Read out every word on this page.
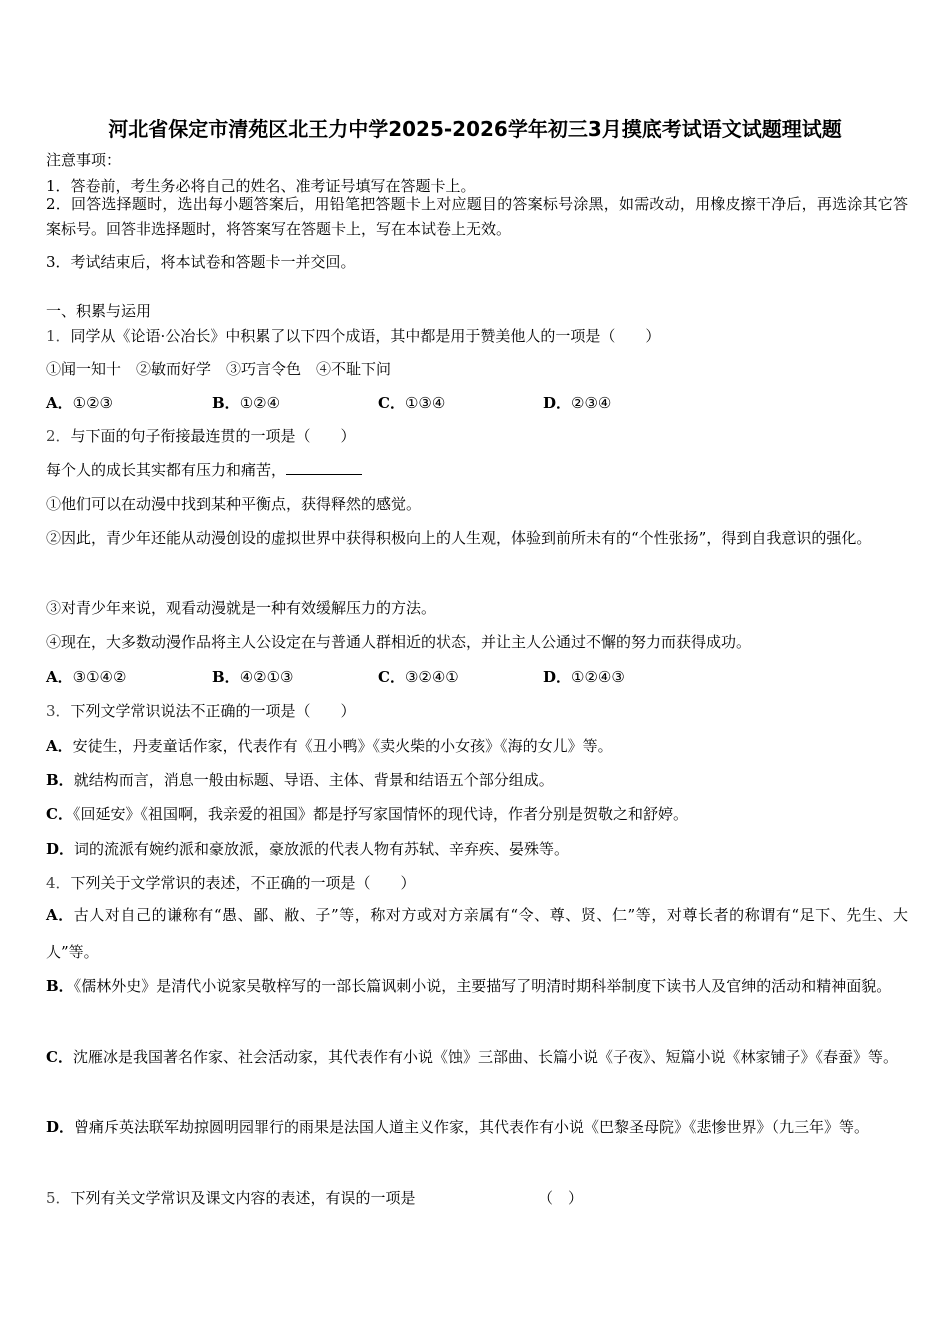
河北省保定市清苑区北王力中学2025-2026学年初三3月摸底考试语文试题理试题
注意事项：
1．答卷前，考生务必将自己的姓名、准考证号填写在答题卡上。
2．回答选择题时，选出每小题答案后，用铅笔把答题卡上对应题目的答案标号涂黑，如需改动，用橡皮擦干净后，再选涂其它答案标号。回答非选择题时，将答案写在答题卡上，写在本试卷上无效。
3．考试结束后，将本试卷和答题卡一并交回。
一、积累与运用
1．同学从《论语·公冶长》中积累了以下四个成语，其中都是用于赞美他人的一项是（　　）
①闻一知十　②敏而好学　③巧言令色　④不耻下问
A．①②③	B．①②④	C．①③④	D．②③④
2．与下面的句子衔接最连贯的一项是（　　）
每个人的成长其实都有压力和痛苦，
①他们可以在动漫中找到某种平衡点，获得释然的感觉。
②因此，青少年还能从动漫创设的虚拟世界中获得积极向上的人生观，体验到前所未有的“个性张扬”，得到自我意识的强化。
③对青少年来说，观看动漫就是一种有效缓解压力的方法。
④现在，大多数动漫作品将主人公设定在与普通人群相近的状态，并让主人公通过不懈的努力而获得成功。
A．③①④②	B．④②①③	C．③②④①	D．①②④③
3．下列文学常识说法不正确的一项是（　　）
A．安徒生，丹麦童话作家，代表作有《丑小鸭》《卖火柴的小女孩》《海的女儿》等。
B．就结构而言，消息一般由标题、导语、主体、背景和结语五个部分组成。
C．《回延安》《祖国啊，我亲爱的祖国》都是抒写家国情怀的现代诗，作者分别是贺敬之和舒婷。
D．词的流派有婉约派和豪放派，豪放派的代表人物有苏轼、辛弃疾、晏殊等。
4．下列关于文学常识的表述，不正确的一项是（　　）
A．古人对自己的谦称有“愚、鄙、敝、子”等，称对方或对方亲属有“令、尊、贤、仁”等，对尊长者的称谓有“足下、先生、大人”等。
B．《儒林外史》是清代小说家吴敬梓写的一部长篇讽刺小说，主要描写了明清时期科举制度下读书人及官绅的活动和精神面貌。
C．沈雁冰是我国著名作家、社会活动家，其代表作有小说《蚀》三部曲、长篇小说《子夜》、短篇小说《林家铺子》《春蚕》等。
D．曾痛斥英法联军劫掠圆明园罪行的雨果是法国人道主义作家，其代表作有小说《巴黎圣母院》《悲惨世界》（九三年》等。
5．下列有关文学常识及课文内容的表述，有误的一项是	（　）
